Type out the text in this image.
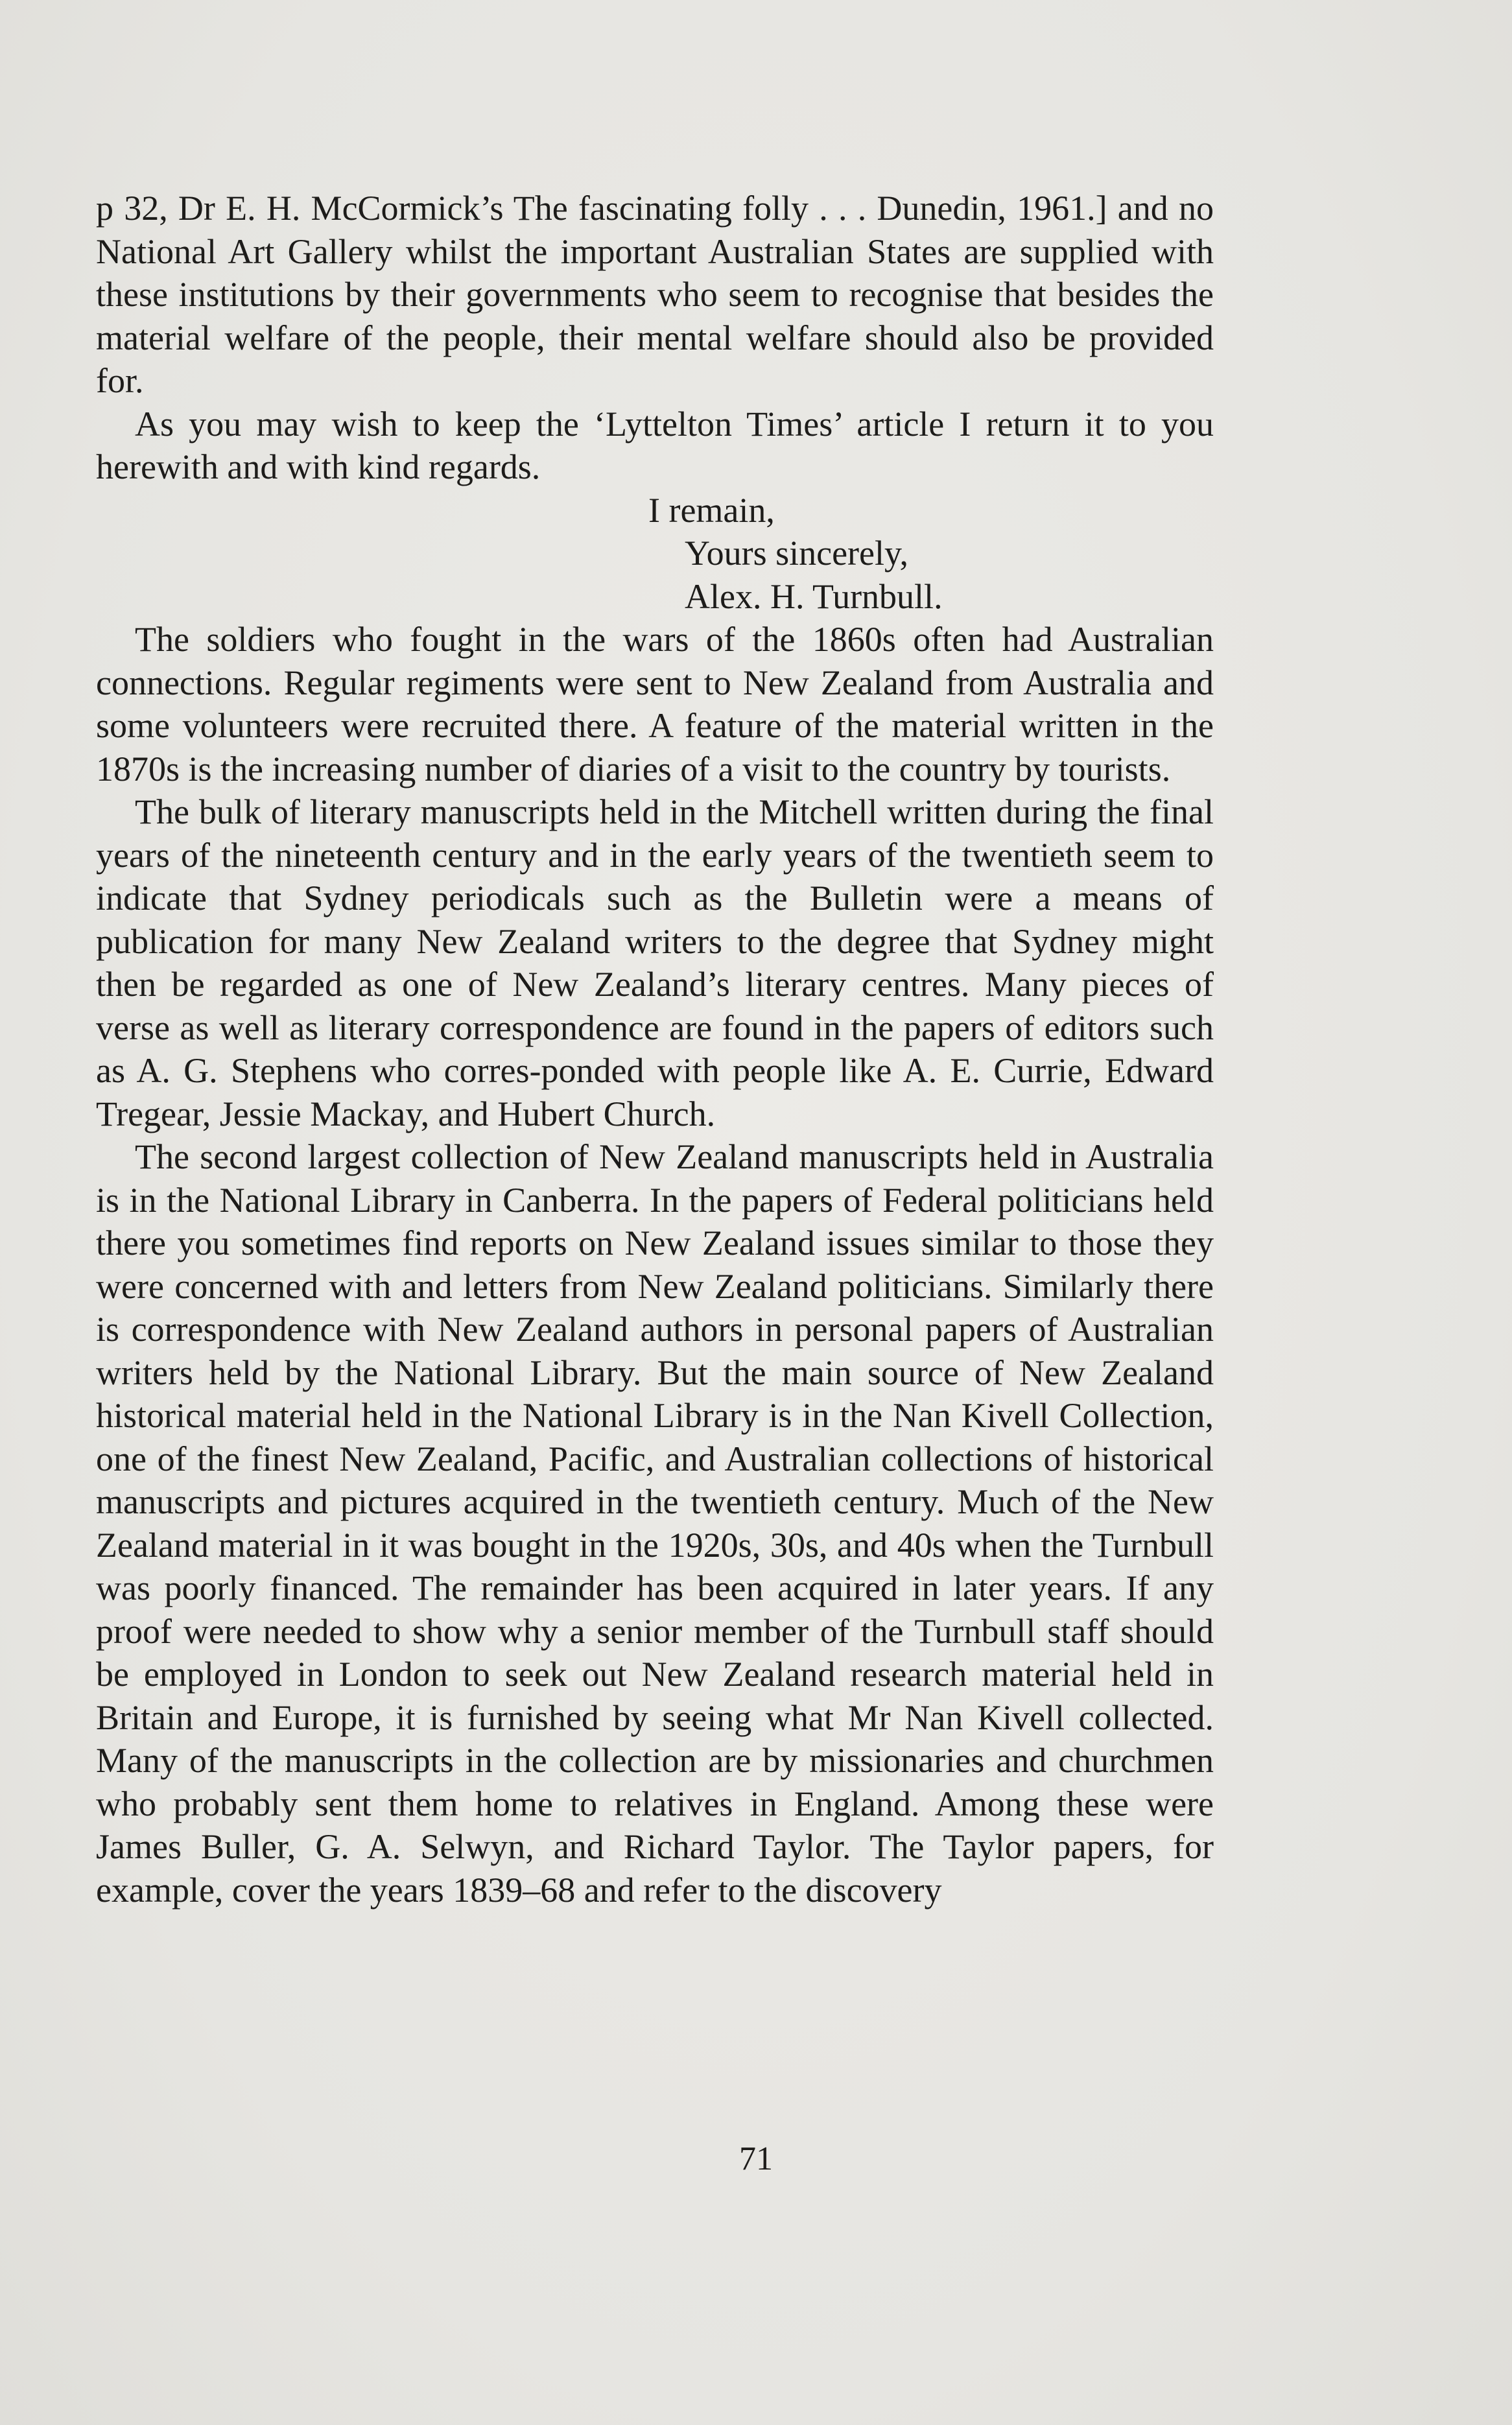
p 32, Dr E. H. McCormick’s The fascinating folly . . . Dunedin, 1961.] and no National Art Gallery whilst the important Australian States are supplied with these institutions by their governments who seem to recognise that besides the material welfare of the people, their mental welfare should also be provided for.

As you may wish to keep the ‘Lyttelton Times’ article I return it to you herewith and with kind regards.

I remain,
Yours sincerely,
Alex. H. Turnbull.

The soldiers who fought in the wars of the 1860s often had Australian connections. Regular regiments were sent to New Zealand from Australia and some volunteers were recruited there. A feature of the material written in the 1870s is the increasing number of diaries of a visit to the country by tourists.

The bulk of literary manuscripts held in the Mitchell written during the final years of the nineteenth century and in the early years of the twentieth seem to indicate that Sydney periodicals such as the Bulletin were a means of publication for many New Zealand writers to the degree that Sydney might then be regarded as one of New Zealand’s literary centres. Many pieces of verse as well as literary correspondence are found in the papers of editors such as A. G. Stephens who corres-ponded with people like A. E. Currie, Edward Tregear, Jessie Mackay, and Hubert Church.

The second largest collection of New Zealand manuscripts held in Australia is in the National Library in Canberra. In the papers of Federal politicians held there you sometimes find reports on New Zealand issues similar to those they were concerned with and letters from New Zealand politicians. Similarly there is correspondence with New Zealand authors in personal papers of Australian writers held by the National Library. But the main source of New Zealand historical material held in the National Library is in the Nan Kivell Collection, one of the finest New Zealand, Pacific, and Australian collections of historical manuscripts and pictures acquired in the twentieth century. Much of the New Zealand material in it was bought in the 1920s, 30s, and 40s when the Turnbull was poorly financed. The remainder has been acquired in later years. If any proof were needed to show why a senior member of the Turnbull staff should be employed in London to seek out New Zealand research material held in Britain and Europe, it is furnished by seeing what Mr Nan Kivell collected. Many of the manuscripts in the collection are by missionaries and churchmen who probably sent them home to relatives in England. Among these were James Buller, G. A. Selwyn, and Richard Taylor. The Taylor papers, for example, cover the years 1839–68 and refer to the discovery

71
